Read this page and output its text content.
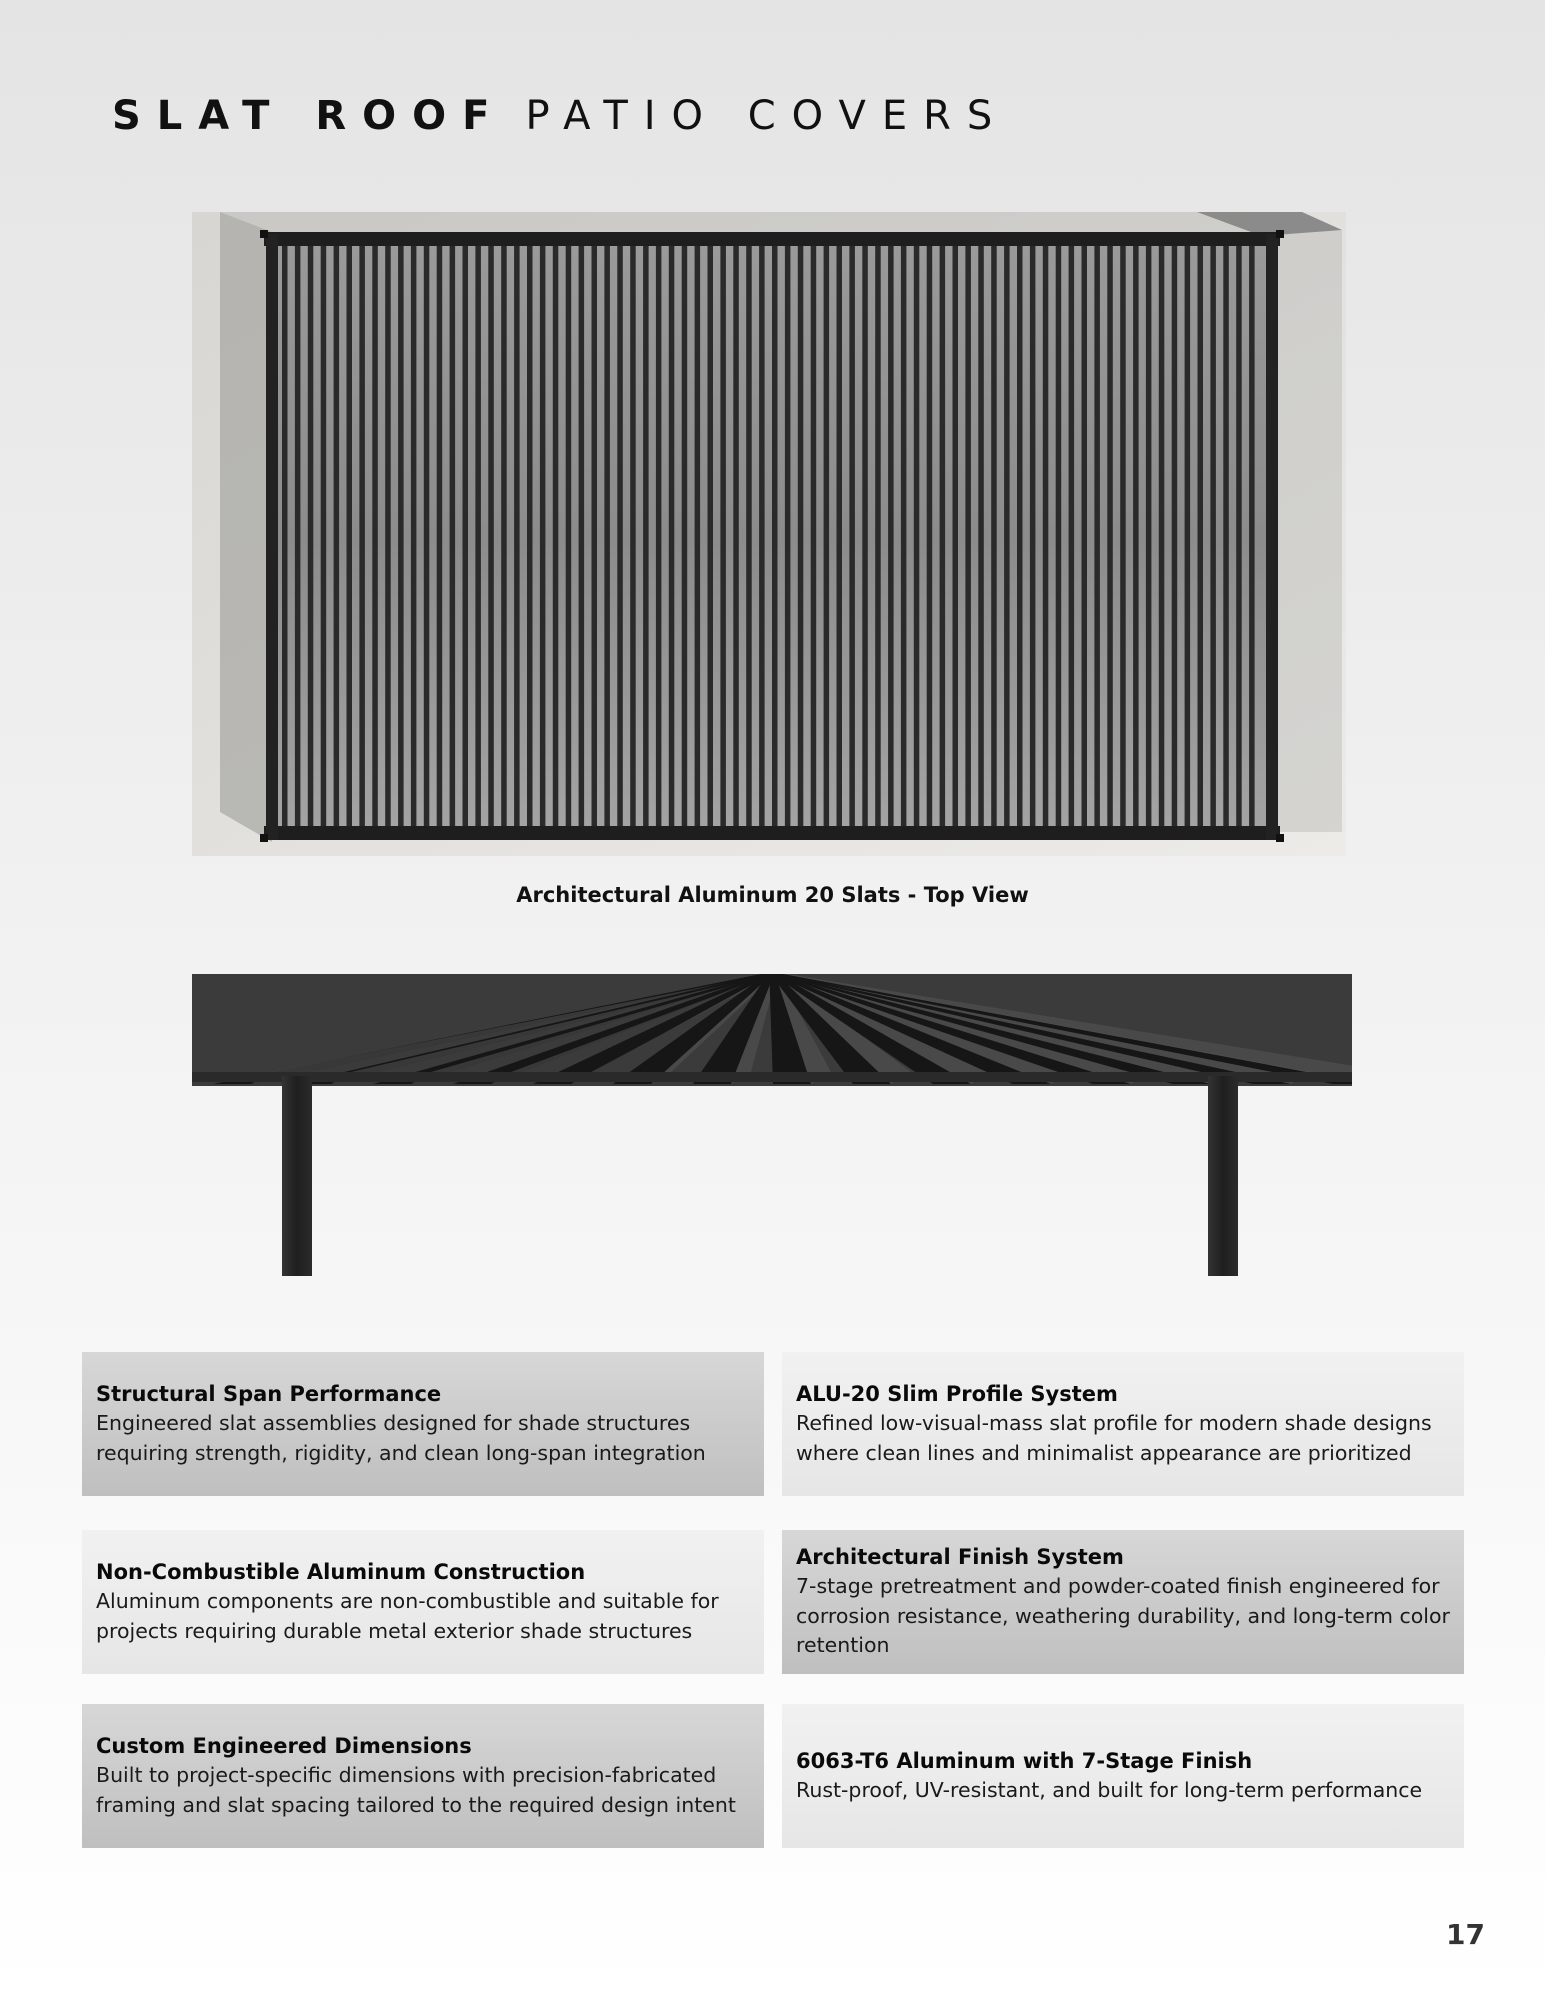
SLAT ROOF PATIO COVERS
Architectural Aluminum 20 Slats - Top View
Structural Span Performance
Engineered slat assemblies designed for shade structures requiring strength, rigidity, and clean long-span integration
ALU-20 Slim Profile System
Refined low-visual-mass slat profile for modern shade designs where clean lines and minimalist appearance are prioritized
Non-Combustible Aluminum Construction
Aluminum components are non-combustible and suitable for projects requiring durable metal exterior shade structures
Architectural Finish System
7-stage pretreatment and powder-coated finish engineered for corrosion resistance, weathering durability, and long-term color retention
Custom Engineered Dimensions
Built to project-specific dimensions with precision-fabricated framing and slat spacing tailored to the required design intent
6063-T6 Aluminum with 7-Stage Finish
Rust-proof, UV-resistant, and built for long-term performance
17
